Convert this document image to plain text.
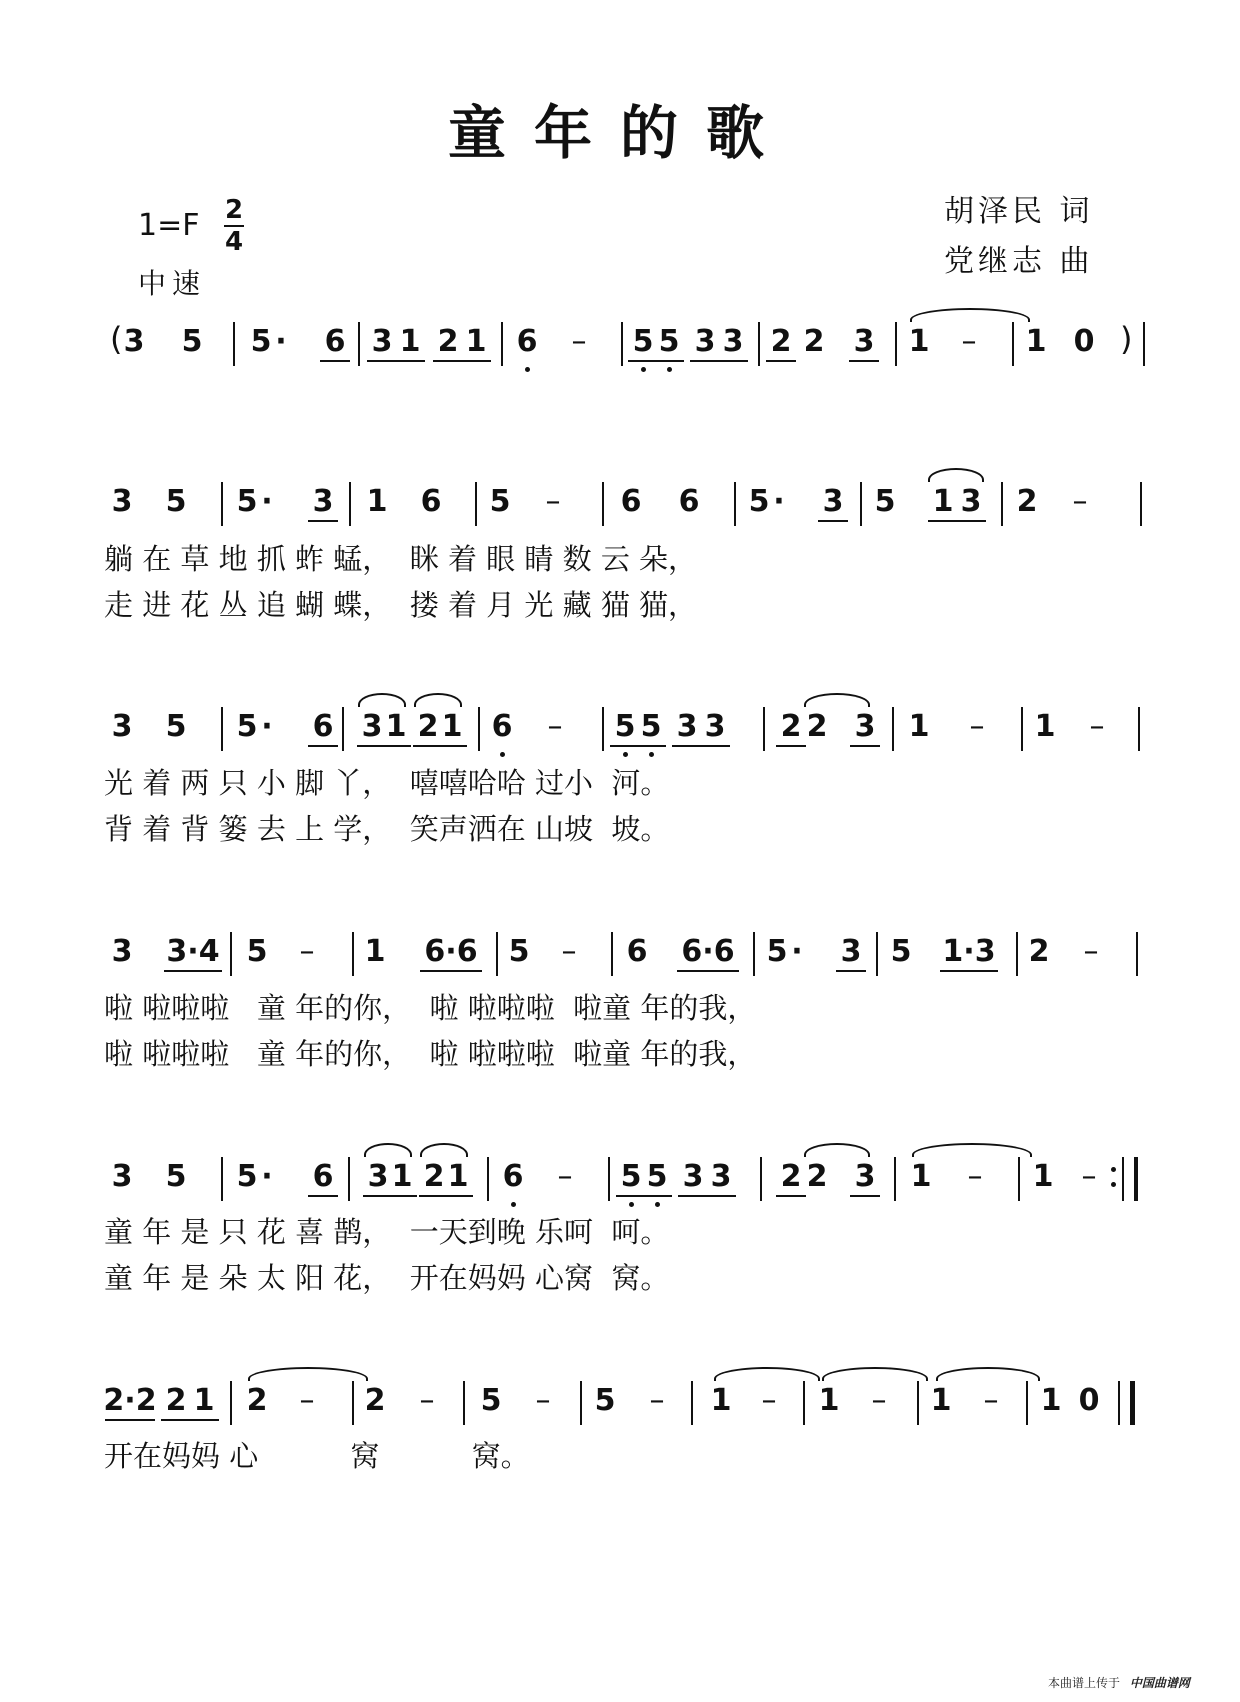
童年的歌
1=F 2
4
中速
胡泽民 词
党继志 曲
( 3 5 5 ·	6 3 1 2 1 6	–	5 5 3 3 2 2 3 1	–	1 0 )
3 5 5 ·	3 1 6 5	–	6 6 5 ·	3 5 1 3 2	–
躺 在 草 地 抓 蚱 蜢，  眯 着 眼 睛 数 云 朵，
走 进 花 丛 追 蝴 蝶，  搂 着 月 光 藏 猫 猫，
3 5 5 ·	6 3 1 2 1 6	–	5 5 3 3 2 2 3 1	–	1	–
光 着 两 只 小 脚 丫，  嘻嘻哈哈 过小  河。
背 着 背 篓 去 上 学，  笑声洒在 山坡  坡。
3 3·4 5	–	1 6·6 5	–	6 6·6 5 ·	3 5 1·3 2	–
啦 啦啦啦   童 年的你，  啦 啦啦啦  啦童 年的我，
啦 啦啦啦   童 年的你，  啦 啦啦啦  啦童 年的我，
3 5 5 ·	6 3 1 2 1 6	–	5 5 3 3 2 2 3 1	–	1 –
童 年 是 只 花 喜 鹊，  一天到晚 乐呵  呵。
童 年 是 朵 太 阳 花，  开在妈妈 心窝  窝。
2·2 2 1 2	–	2	–	5	–	5	–	1	–	1	–	1	–	1 0
开在妈妈 心          窝          窝。
本曲谱上传于 中国曲谱网
